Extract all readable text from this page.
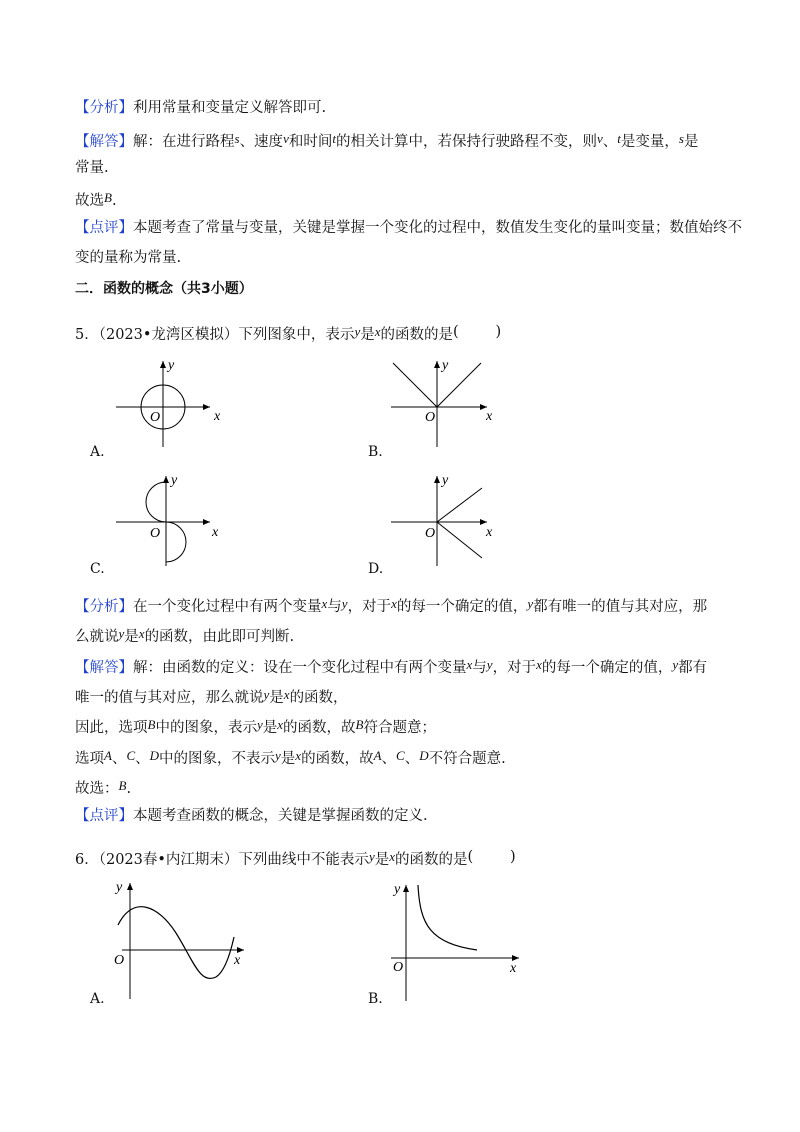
【分析】利用常量和变量定义解答即可.
【解答】解：在进行路程s、速度v和时间t的相关计算中，若保持行驶路程不变，则v、t是变量，s是
常量.
故选B.
【点评】本题考查了常量与变量，关键是掌握一个变化的过程中，数值发生变化的量叫变量；数值始终不
变的量称为常量.
二．函数的概念（共3小题）
5．（2023•龙湾区模拟）下列图象中，表示y是x的函数的是(        )
x
y
O
A.
x
y
O
B.
x
y
O
C.
x
y
O
D.
【分析】在一个变化过程中有两个变量x与y，对于x的每一个确定的值，y都有唯一的值与其对应，那
么就说y是x的函数，由此即可判断.
【解答】解：由函数的定义：设在一个变化过程中有两个变量x与y，对于x的每一个确定的值，y都有
唯一的值与其对应，那么就说y是x的函数，
因此，选项B中的图象，表示y是x的函数，故B符合题意；
选项A、C、D中的图象，不表示y是x的函数，故A、C、D不符合题意.
故选：B.
【点评】本题考查函数的概念，关键是掌握函数的定义.
6．（2023春•内江期末）下列曲线中不能表示y是x的函数的是(        )
x
y
O
A.
x
y
O
B.
